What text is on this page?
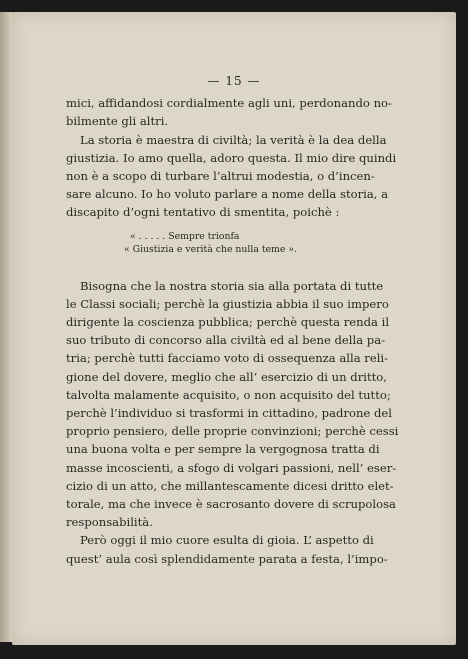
— 15 —

mici, affidandosi cordialmente agli uni, perdonando no-
bilmente gli altri.

La storia è maestra di civiltà; la verità è la dea della
giustizia. Io amo quella, adoro questa. Il mio dire quindi
non è a scopo di turbare l’altrui modestia, o d’incen-
sare alcuno. Io ho voluto parlare a nome della storia, a
discapito d’ogni tentativo di smentita, poichè :

« . . . . . Sempre trionfa
« Giustizia e verità che nulla teme ».

Bisogna che la nostra storia sia alla portata di tutte
le Classi sociali; perchè la giustizia abbia il suo impero
dirigente la coscienza pubblica; perchè questa renda il
suo tributo di concorso alla civiltà ed al bene della pa-
tria; perchè tutti facciamo voto di ossequenza alla reli-
gione del dovere, meglio che all’ esercizio di un dritto,
talvolta malamente acquisito, o non acquisito del tutto;
perchè l’individuo si trasformi in cittadino, padrone del
proprio pensiero, delle proprie convinzioni; perchè cessi
una buona volta e per sempre la vergognosa tratta di
masse incoscienti, a sfogo di volgari passioni, nell’ eser-
cizio di un atto, che millantescamente dicesi dritto elet-
torale, ma che invece è sacrosanto dovere di scrupolosa
responsabilità.

Però oggi il mio cuore esulta di gioia. L’ aspetto di
quest’ aula così splendidamente parata a festa, l’impo-
